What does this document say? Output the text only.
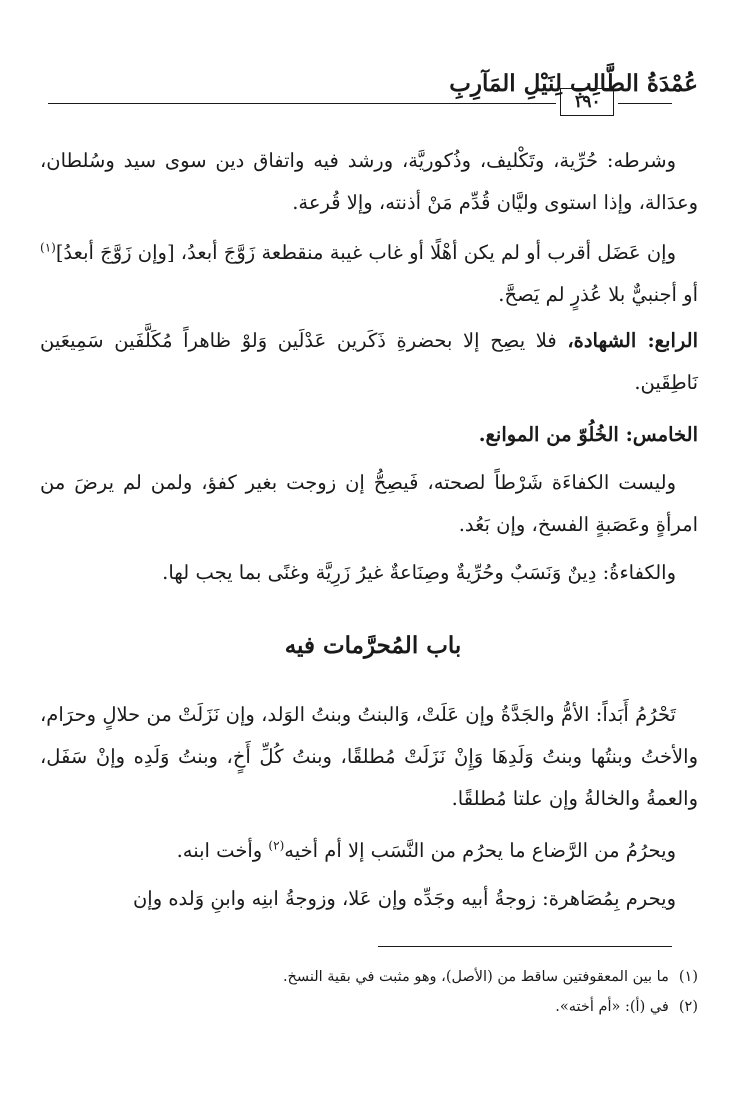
عُمْدَةُ الطَّالِبِ لِنَيْلِ المَآرِبِ
١٩٠

وشرطه: حُرِّية، وتَكْليف، وذُكوريَّة، ورشد فيه واتفاق دين سوى سيد وسُلطان، وعدَالة، وإذا استوى وليَّان قُدِّم مَنْ أذنته، وإلا قُرعة.

وإن عَضَل أقرب أو لم يكن أهْلًا أو غاب غيبة منقطعة زَوَّجَ أبعدُ، [وإن زَوَّجَ أبعدُ]$^{(١)}$ أو أجنبيٌّ بلا عُذرٍ لم يَصحَّ.

الرابع: الشهادة، فلا يصِح إلا بحضرةِ ذَكَرين عَدْلَين وَلوْ ظاهراً مُكَلَّفَين سَمِيعَين نَاطِقَين.

الخامس: الخُلُوّ من الموانع.

وليست الكفاءَة شَرْطاً لصحته، فَيصِحُّ إن زوجت بغير كفؤ، ولمن لم يرضَ من امرأةٍ وعَصَبةٍ الفسخ، وإن بَعُد.

والكفاءةُ: دِينٌ وَنَسَبٌ وحُرِّيةٌ وصِنَاعةٌ غيرُ زَرِيَّة وغنًى بما يجب لها.

باب المُحرَّمات فيه

تَحْرُمُ أَبَداً: الأمُّ والجَدَّةُ وإن عَلَتْ، وَالبنتُ وبنتُ الوَلد، وإن نَزَلَتْ من حلالٍ وحرَام، والأختُ وبنتُها وبنتُ وَلَدِهَا وَإِنْ نَزَلَتْ مُطلقًا، وبنتُ كُلِّ أَخٍ، وبنتُ وَلَدِه وإنْ سَفَل، والعمةُ والخالةُ وإن علتا مُطلقًا.

ويحرُمُ من الرَّضاع ما يحرُم من النَّسَب إلا أم أخيه$^{(٢)}$ وأخت ابنه.

ويحرم بِمُصَاهرة: زوجةُ أبيه وجَدِّه وإن عَلا، وزوجةُ ابنِه وابنِ وَلده وإن

(١)ما بين المعقوفتين ساقط من (الأصل)، وهو مثبت في بقية النسخ.
(٢)في (أ): «أم أخته».
